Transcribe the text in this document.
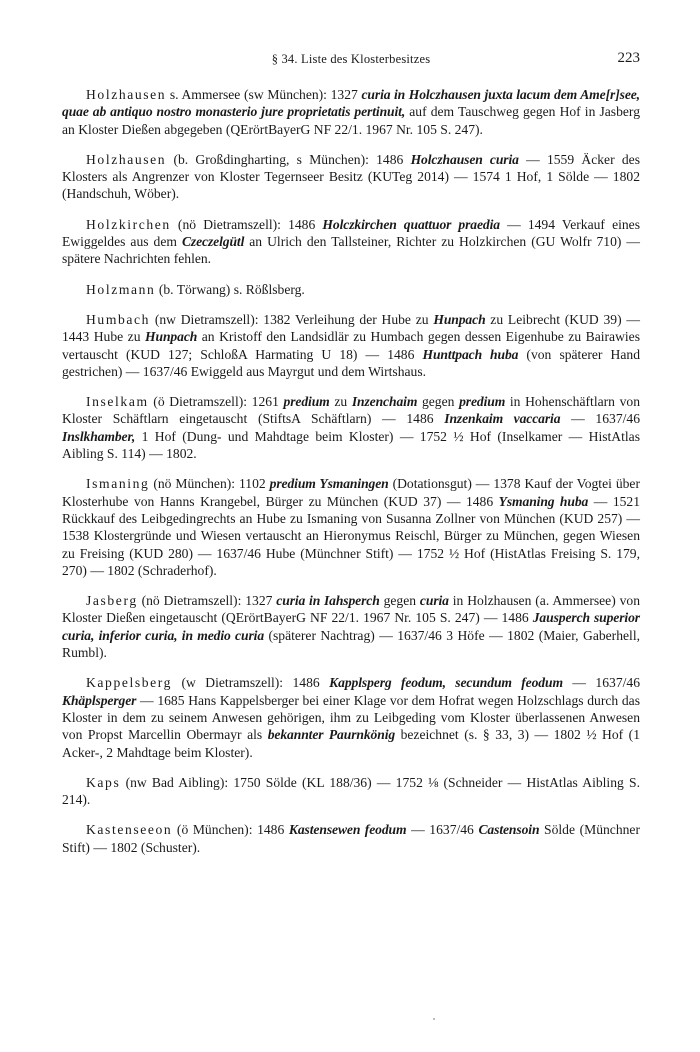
§ 34. Liste des Klosterbesitzes	223

Holzhausen s. Ammersee (sw München): 1327 curia in Holczhausen juxta lacum dem Ame[r]see, quae ab antiquo nostro monasterio jure proprietatis pertinuit, auf dem Tauschweg gegen Hof in Jasberg an Kloster Dießen abgegeben (QErörtBayerG NF 22/1. 1967 Nr. 105 S. 247).

Holzhausen (b. Großdingharting, s München): 1486 Holczhausen curia — 1559 Äcker des Klosters als Angrenzer von Kloster Tegernseer Besitz (KUTeg 2014) — 1574 1 Hof, 1 Sölde — 1802 (Handschuh, Wöber).

Holzkirchen (nö Dietramszell): 1486 Holczkirchen quattuor praedia — 1494 Verkauf eines Ewiggeldes aus dem Czeczelgütl an Ulrich den Tallsteiner, Richter zu Holzkirchen (GU Wolfr 710) — spätere Nachrichten fehlen.

Holzmann (b. Törwang) s. Rößlsberg.

Humbach (nw Dietramszell): 1382 Verleihung der Hube zu Hunpach zu Leibrecht (KUD 39) — 1443 Hube zu Hunpach an Kristoff den Landsidlär zu Humbach gegen dessen Eigenhube zu Bairawies vertauscht (KUD 127; SchloßA Harmating U 18) — 1486 Hunttpach huba (von späterer Hand gestrichen) — 1637/46 Ewiggeld aus Mayrgut und dem Wirtshaus.

Inselkam (ö Dietramszell): 1261 predium zu Inzenchaim gegen predium in Hohenschäftlarn von Kloster Schäftlarn eingetauscht (StiftsA Schäftlarn) — 1486 Inzenkaim vaccaria — 1637/46 Inslkhamber, 1 Hof (Dung- und Mahdtage beim Kloster) — 1752 ½ Hof (Inselkamer — HistAtlas Aibling S. 114) — 1802.

Ismaning (nö München): 1102 predium Ysmaningen (Dotationsgut) — 1378 Kauf der Vogtei über Klosterhube von Hanns Krangebel, Bürger zu München (KUD 37) — 1486 Ysmaning huba — 1521 Rückkauf des Leibgedingrechts an Hube zu Ismaning von Susanna Zollner von München (KUD 257) — 1538 Klostergründe und Wiesen vertauscht an Hieronymus Reischl, Bürger zu München, gegen Wiesen zu Freising (KUD 280) — 1637/46 Hube (Münchner Stift) — 1752 ½ Hof (HistAtlas Freising S. 179, 270) — 1802 (Schraderhof).

Jasberg (nö Dietramszell): 1327 curia in Iahsperch gegen curia in Holzhausen (a. Ammersee) von Kloster Dießen eingetauscht (QErörtBayerG NF 22/1. 1967 Nr. 105 S. 247) — 1486 Jausperch superior curia, inferior curia, in medio curia (späterer Nachtrag) — 1637/46 3 Höfe — 1802 (Maier, Gaberhell, Rumbl).

Kappelsberg (w Dietramszell): 1486 Kapplsperg feodum, secundum feodum — 1637/46 Khäplsperger — 1685 Hans Kappelsberger bei einer Klage vor dem Hofrat wegen Holzschlags durch das Kloster in dem zu seinem Anwesen gehörigen, ihm zu Leibgeding vom Kloster überlassenen Anwesen von Propst Marcellin Obermayr als bekannter Paurnkönig bezeichnet (s. § 33, 3) — 1802 ½ Hof (1 Acker-, 2 Mahdtage beim Kloster).

Kaps (nw Bad Aibling): 1750 Sölde (KL 188/36) — 1752 ⅛ (Schneider — HistAtlas Aibling S. 214).

Kastenseeon (ö München): 1486 Kastensewen feodum — 1637/46 Castensoin Sölde (Münchner Stift) — 1802 (Schuster).
